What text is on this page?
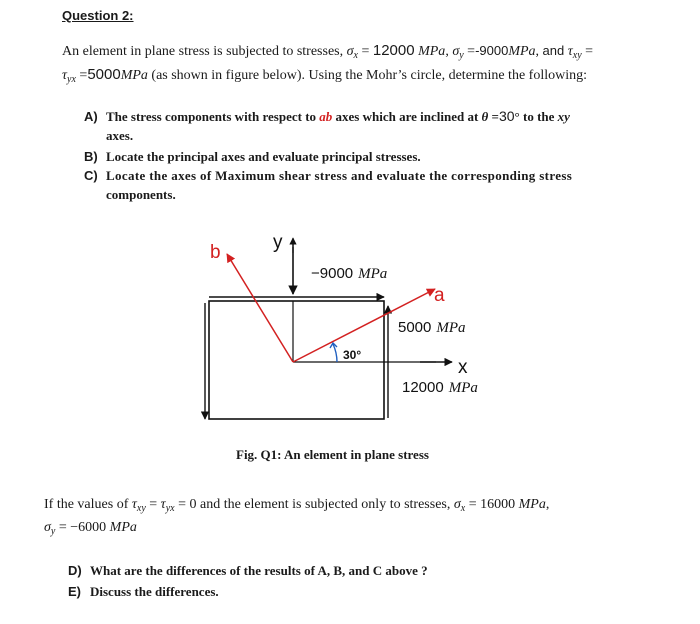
Question 2:
An element in plane stress is subjected to stresses, $\sigma_x = 12000$ MPa, $\sigma_y =-9000MPa$, and $\tau_{xy}$ =
$\tau_{yx} =5000MPa$ (as shown in figure below). Using the Mohr’s circle, determine the following:
A) The stress components with respect to ab axes which are inclined at θ =30° to the xy
axes.
B) Locate the principal axes and evaluate principal stresses.
C) Locate the axes of Maximum shear stress and evaluate the corresponding stress
components.
b	y
a
x
−9000 MPa
5000 MPa
12000 MPa
30°
Fig. Q1: An element in plane stress
If the values of $\tau_{xy} = \tau_{yx} = 0$ and the element is subjected only to stresses, $\sigma_x = 16000$ MPa,
$\sigma_y = -6000$ MPa
D) What are the differences of the results of A, B, and C above ?
E) Discuss the differences.
